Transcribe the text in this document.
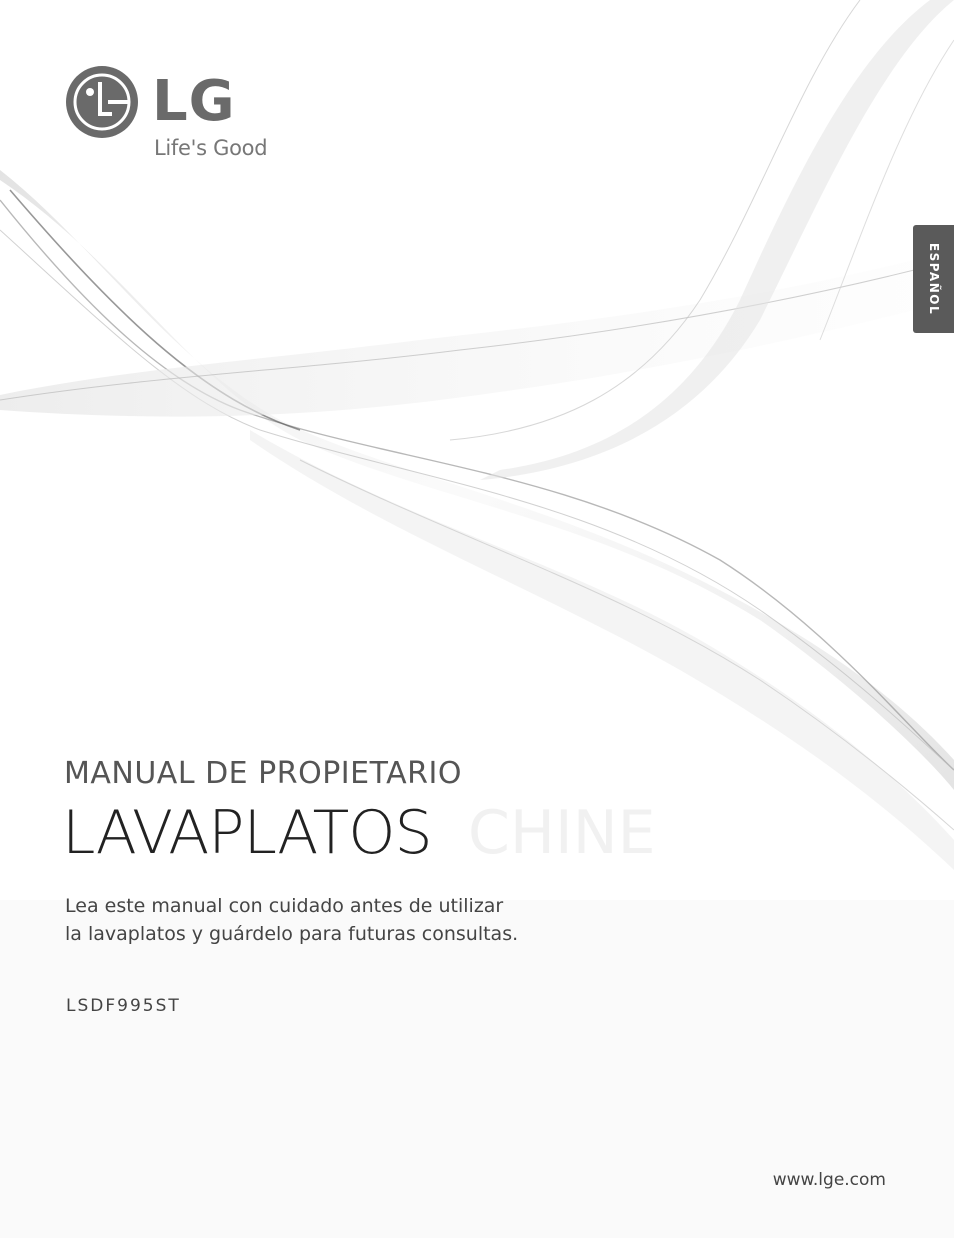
LG
Life's Good
ESPAÑOL
MANUAL DE PROPIETARIO
CHINE
LAVAPLATOS
Lea este manual con cuidado antes de utilizar
la lavaplatos y guárdelo para futuras consultas.
LSDF995ST
www.lge.com
